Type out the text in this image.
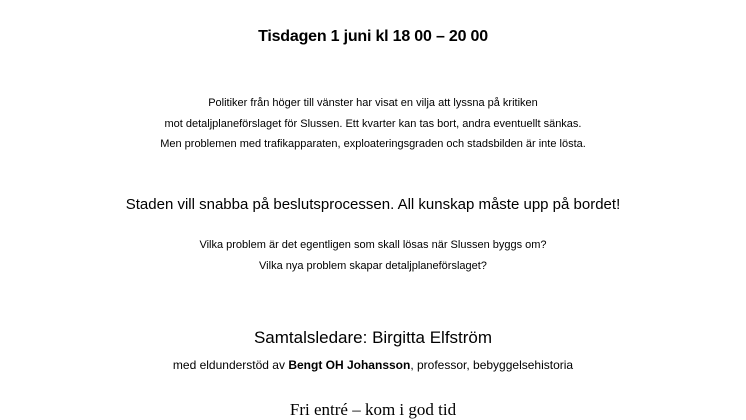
Tisdagen 1 juni kl 18 00 – 20 00
Politiker från höger till vänster har visat en vilja att lyssna på kritiken
mot detaljplaneförslaget för Slussen. Ett kvarter kan tas bort, andra eventuellt sänkas.
Men problemen med trafikapparaten, exploateringsgraden och stadsbilden är inte lösta.
Staden vill snabba på beslutsprocessen. All kunskap måste upp på bordet!
Vilka problem är det egentligen som skall lösas när Slussen byggs om?
Vilka nya problem skapar detaljplaneförslaget?
Samtalsledare: Birgitta Elfström
med eldunderstöd av Bengt OH Johansson, professor, bebyggelsehistoria
Fri entré – kom i god tid
